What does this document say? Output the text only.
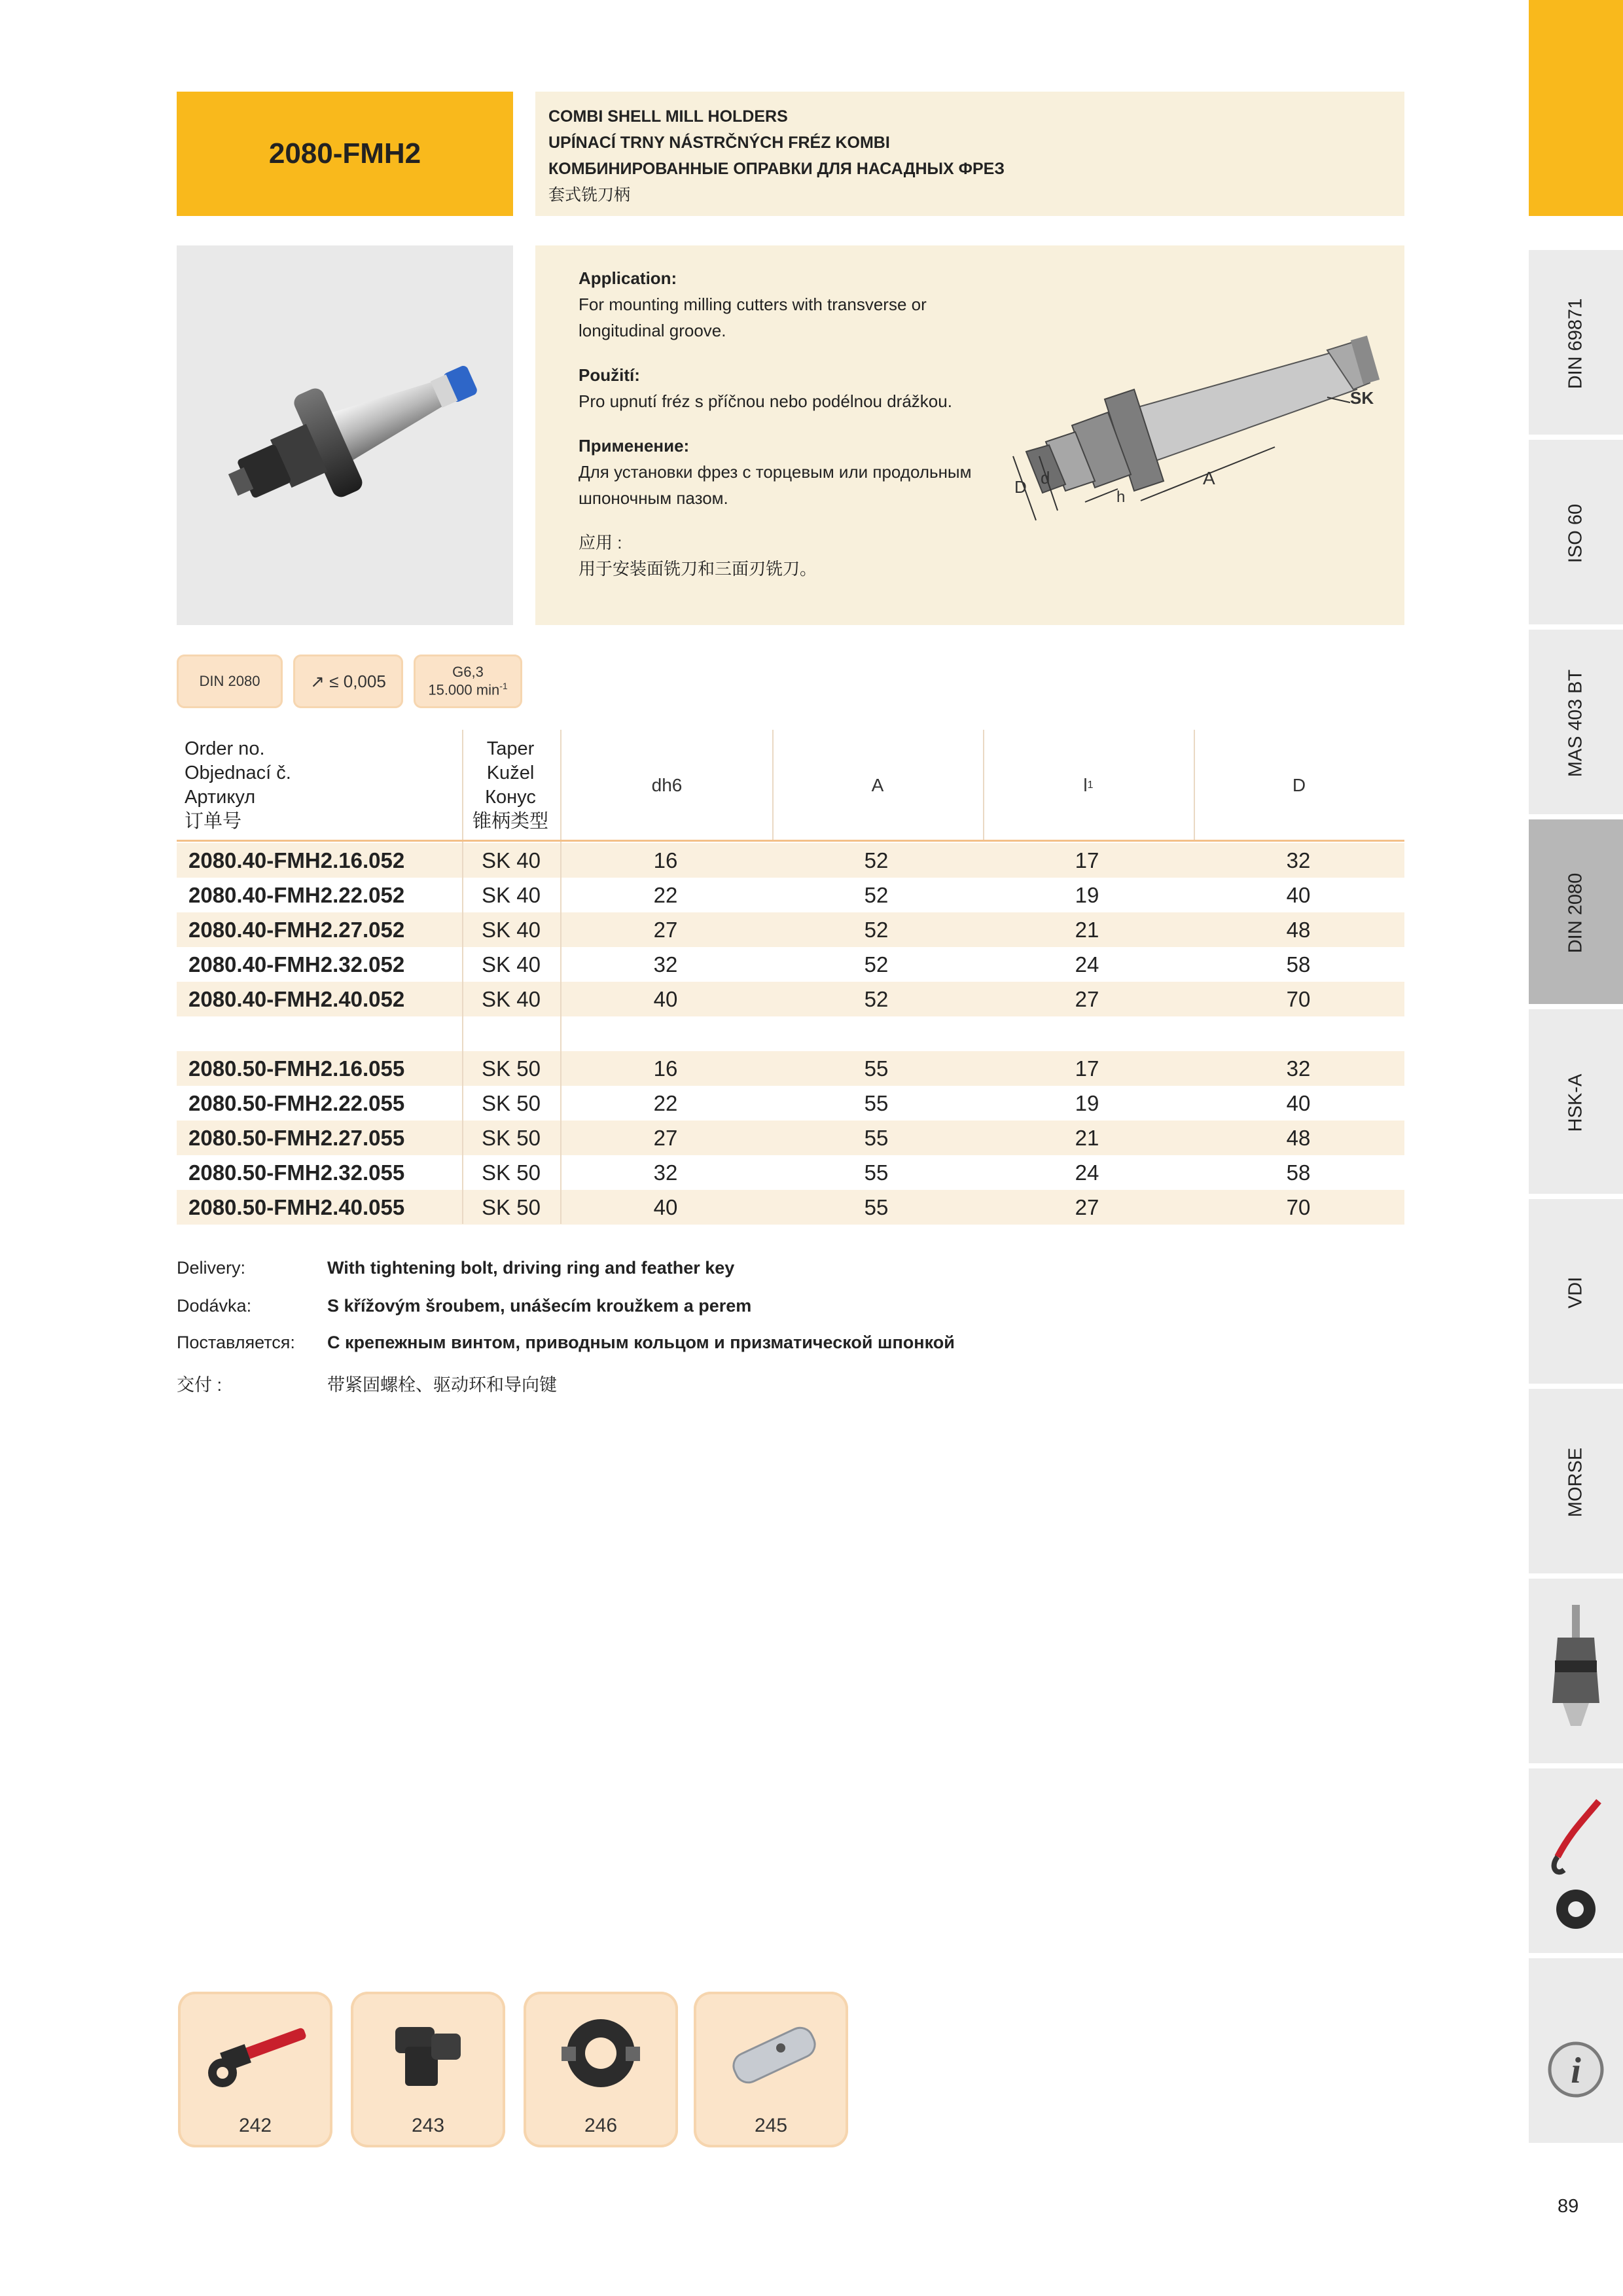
2080-FMH2
COMBI SHELL MILL HOLDERS
UPÍNACÍ TRNY NÁSTRČNÝCH FRÉZ KOMBI
КОМБИНИРОВАННЫЕ ОПРАВКИ ДЛЯ НАСАДНЫХ ФРЕЗ
套式铣刀柄

Application:
For mounting milling cutters with transverse or longitudinal groove.

Použití:
Pro upnutí fréz s příčnou nebo podélnou drážkou.

Применение:
Для установки фрез с торцевым или продольным шпоночным пазом.

应用 :
用于安装面铣刀和三面刃铣刀。

SK
D d
h
A
DIN 2080	↗ ≤ 0,005	G6,3
15.000 $\min^{-1}$
Order no.
Objednací č.
Артикул
订单号
Taper
Kužel
Конус
锥柄类型
dh6	A	l 1	D
2080.40-FMH2.16.052	SK 40	16	52	17	32
2080.40-FMH2.22.052	SK 40	22	52	19	40
2080.40-FMH2.27.052	SK 40	27	52	21	48
2080.40-FMH2.32.052	SK 40	32	52	24	58
2080.40-FMH2.40.052	SK 40	40	52	27	70
2080.50-FMH2.16.055	SK 50	16	55	17	32
2080.50-FMH2.22.055	SK 50	22	55	19	40
2080.50-FMH2.27.055	SK 50	27	55	21	48
2080.50-FMH2.32.055	SK 50	32	55	24	58
2080.50-FMH2.40.055	SK 50	40	55	27	70
Delivery:	With tightening bolt, driving ring and feather key
Dodávka:	S křížovým šroubem, unášecím kroužkem a perem
Поставляется: С крепежным винтом, приводным кольцом и призматической шпонкой
交付 :	带紧固螺栓、驱动环和导向键
242	243	246	245
DIN 69871
ISO 60
MAS 403 BT
DIN 2080
HSK-A
VDI
MORSE
i
89
